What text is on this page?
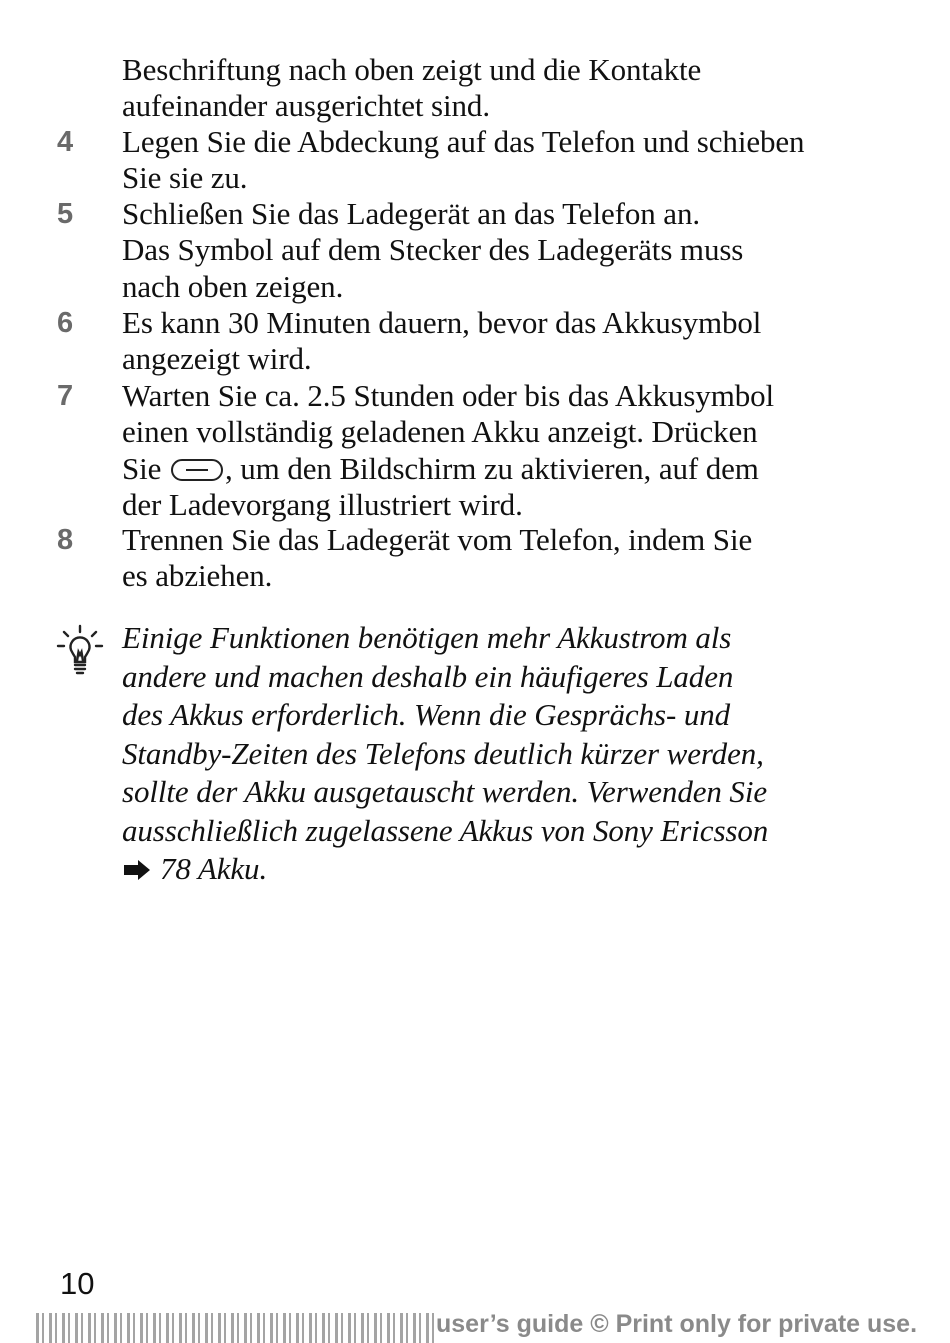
Beschriftung nach oben zeigt und die Kontakte
aufeinander ausgerichtet sind.
4 Legen Sie die Abdeckung auf das Telefon und schieben
Sie sie zu.
5 Schließen Sie das Ladegerät an das Telefon an.
Das Symbol auf dem Stecker des Ladegeräts muss
nach oben zeigen.
6 Es kann 30 Minuten dauern, bevor das Akkusymbol
angezeigt wird.
7 Warten Sie ca. 2.5 Stunden oder bis das Akkusymbol
einen vollständig geladenen Akku anzeigt. Drücken
Sie , um den Bildschirm zu aktivieren, auf dem
der Ladevorgang illustriert wird.
8 Trennen Sie das Ladegerät vom Telefon, indem Sie
es abziehen.
Einige Funktionen benötigen mehr Akkustrom als
andere und machen deshalb ein häufigeres Laden
des Akkus erforderlich. Wenn die Gesprächs- und
Standby-Zeiten des Telefons deutlich kürzer werden,
sollte der Akku ausgetauscht werden. Verwenden Sie
ausschließlich zugelassene Akkus von Sony Ericsson
78 Akku.
10
user’s guide © Print only for private use.
